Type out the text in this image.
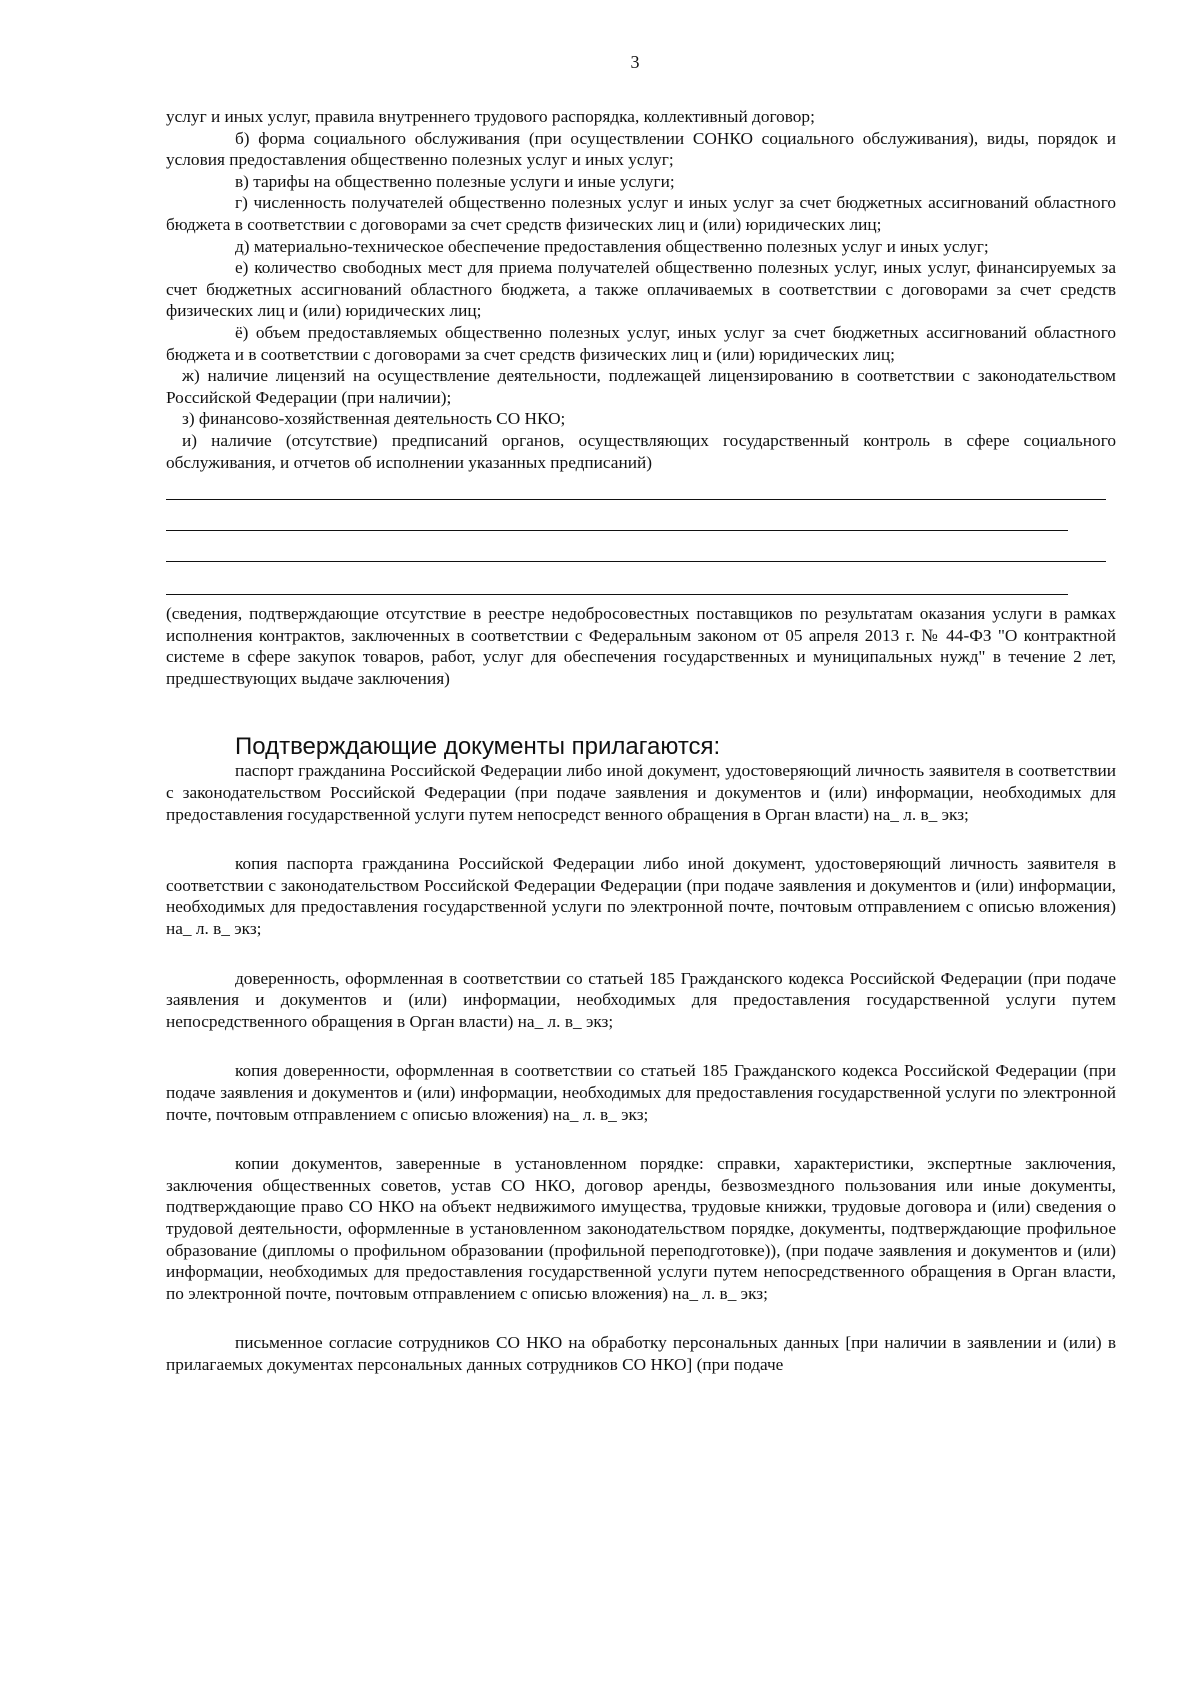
3

услуг и иных услуг, правила внутреннего трудового распорядка, коллективный договор;

б) форма социального обслуживания (при осуществлении СОНКО социального обслуживания), виды, порядок и условия предоставления общественно полезных услуг и иных услуг;

в) тарифы на общественно полезные услуги и иные услуги;

г) численность получателей общественно полезных услуг и иных услуг за счет бюджетных ассигнований областного бюджета в соответствии с договорами за счет средств физических лиц и (или) юридических лиц;

д) материально-техническое обеспечение предоставления общественно полезных услуг и иных услуг;

е) количество свободных мест для приема получателей общественно полезных услуг, иных услуг, финансируемых за счет бюджетных ассигнований областного бюджета, а также оплачиваемых в соответствии с договорами за счет средств физических лиц и (или) юридических лиц;

ё) объем предоставляемых общественно полезных услуг, иных услуг за счет бюджетных ассигнований областного бюджета и в соответствии с договорами за счет средств физических лиц и (или) юридических лиц;

ж) наличие лицензий на осуществление деятельности, подлежащей лицензированию в соответствии с законодательством Российской Федерации (при наличии);

з) финансово-хозяйственная деятельность СО НКО;

и) наличие (отсутствие) предписаний органов, осуществляющих государственный контроль в сфере социального обслуживания, и отчетов об исполнении указанных предписаний)

(сведения, подтверждающие отсутствие в реестре недобросовестных поставщиков по результатам оказания услуги в рамках исполнения контрактов, заключенных в соответствии с Федеральным законом от 05 апреля 2013 г. № 44-ФЗ "О контрактной системе в сфере закупок товаров, работ, услуг для обеспечения государственных и муниципальных нужд" в течение 2 лет, предшествующих выдаче заключения)

Подтверждающие документы прилагаются:

паспорт гражданина Российской Федерации либо иной документ, удостоверяющий личность заявителя в соответствии с законодательством Российской Федерации (при подаче заявления и документов и (или) информации, необходимых для предоставления государственной услуги путем непосредст венного обращения в Орган власти) на_ л. в_ экз;

копия паспорта гражданина Российской Федерации либо иной документ, удостоверяющий личность заявителя в соответствии с законодательством Российской Федерации Федерации (при подаче заявления и документов и (или) информации, необходимых для предоставления государственной услуги по электронной почте, почтовым отправлением с описью вложения) на_ л. в_ экз;

доверенность, оформленная в соответствии со статьей 185 Гражданского кодекса Российской Федерации (при подаче заявления и документов и (или) информации, необходимых для предоставления государственной услуги путем непосредственного обращения в Орган власти) на_ л. в_ экз;

копия доверенности, оформленная в соответствии со статьей 185 Гражданского кодекса Российской Федерации (при подаче заявления и документов и (или) информации, необходимых для предоставления государственной услуги по электронной почте, почтовым отправлением с описью вложения) на_ л. в_ экз;

копии документов, заверенные в установленном порядке: справки, характеристики, экспертные заключения, заключения общественных советов, устав СО НКО, договор аренды, безвозмездного пользования или иные документы, подтверждающие право СО НКО на объект недвижимого имущества, трудовые книжки, трудовые договора и (или) сведения о трудовой деятельности, оформленные в установленном законодательством порядке, документы, подтверждающие профильное образование (дипломы о профильном образовании (профильной переподготовке)), (при подаче заявления и документов и (или) информации, необходимых для предоставления государственной услуги путем непосредственного обращения в Орган власти, по электронной почте, почтовым отправлением с описью вложения) на_ л. в_ экз;

письменное согласие сотрудников СО НКО на обработку персональных данных [при наличии в заявлении и (или) в прилагаемых документах персональных данных сотрудников СО НКО] (при подаче
